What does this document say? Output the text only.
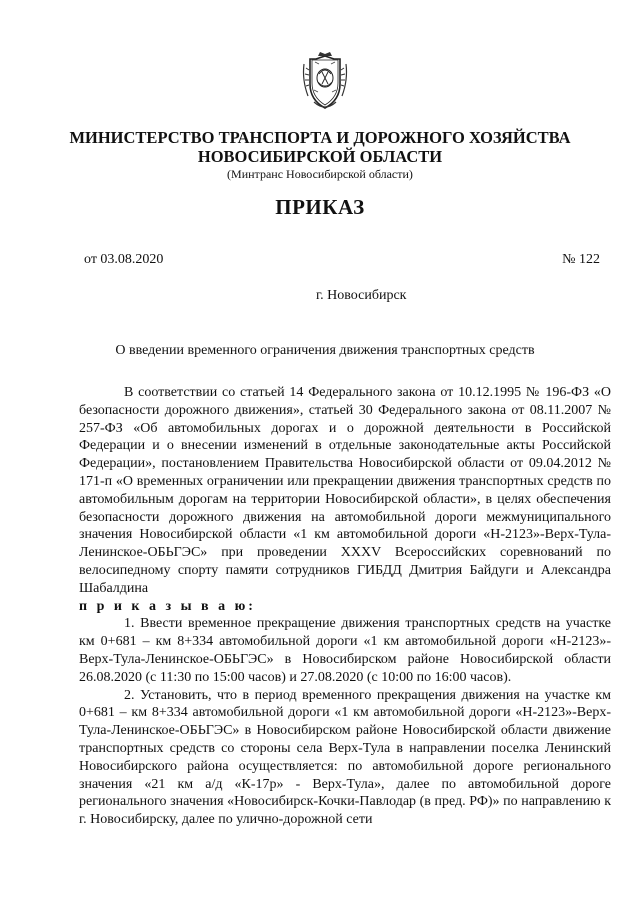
МИНИСТЕРСТВО ТРАНСПОРТА И ДОРОЖНОГО ХОЗЯЙСТВА
НОВОСИБИРСКОЙ ОБЛАСТИ
(Минтранс Новосибирской области)
ПРИКАЗ
от 03.08.2020	№ 122
г. Новосибирск
О введении временного ограничения движения транспортных средств

В соответствии со статьей 14 Федерального закона от 10.12.1995 № 196-ФЗ «О безопасности дорожного движения», статьей 30 Федерального закона от 08.11.2007 № 257-ФЗ «Об автомобильных дорогах и о дорожной деятельности в Российской Федерации и о внесении изменений в отдельные законодательные акты Российской Федерации», постановлением Правительства Новосибирской области от 09.04.2012 № 171-п «О временных ограничении или прекращении движения транспортных средств по автомобильным дорогам на территории Новосибирской области», в целях обеспечения безопасности дорожного движения на автомобильной дороги межмуниципального значения Новосибирской области «1 км автомобильной дороги «Н-2123»-Верх-Тула-Ленинское-ОБЬГЭС» при проведении XXXV Всероссийских соревнований по велосипедному спорту памяти сотрудников ГИБДД Дмитрия Байдуги и Александра Шабалдина

п р и к а з ы в а ю:

1. Ввести временное прекращение движения транспортных средств на участке км 0+681 – км 8+334 автомобильной дороги «1 км автомобильной дороги «Н-2123»-Верх-Тула-Ленинское-ОБЬГЭС» в Новосибирском районе Новосибирской области 26.08.2020 (с 11:30 по 15:00 часов) и 27.08.2020 (с 10:00 по 16:00 часов).

2. Установить, что в период временного прекращения движения на участке км 0+681 – км 8+334 автомобильной дороги «1 км автомобильной дороги «Н-2123»-Верх-Тула-Ленинское-ОБЬГЭС» в Новосибирском районе Новосибирской области движение транспортных средств со стороны села Верх-Тула в направлении поселка Ленинский Новосибирского района осуществляется: по автомобильной дороге регионального значения «21 км а/д «К-17р» - Верх-Тула», далее по автомобильной дороге регионального значения «Новосибирск-Кочки-Павлодар (в пред. РФ)» по направлению к г. Новосибирску, далее по улично-дорожной сети
